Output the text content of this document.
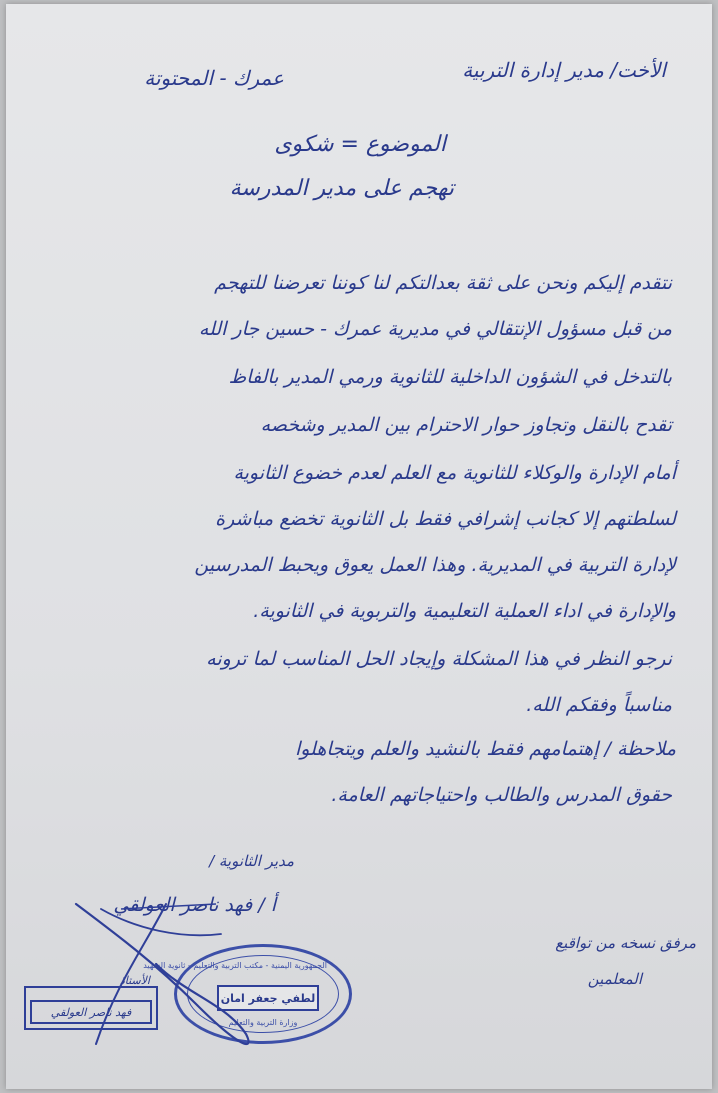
الأخت/ مدير إدارة التربية
عمرك - المحتوتة
الموضوع = شكوى
تهجم على مدير المدرسة
نتقدم إليكم ونحن على ثقة بعدالتكم لنا كوننا تعرضنا للتهجم
من قبل مسؤول الإنتقالي في مديرية عمرك - حسين جار الله
بالتدخل في الشؤون الداخلية للثانوية ورمي المدير بالفاظ
تقدح بالنقل وتجاوز حوار الاحترام بين المدير وشخصه
أمام الإدارة والوكلاء للثانوية مع العلم لعدم خضوع الثانوية
لسلطتهم إلا كجانب إشرافي فقط بل الثانوية تخضع مباشرة
لإدارة التربية في المديرية. وهذا العمل يعوق ويحبط المدرسين
والإدارة في اداء العملية التعليمية والتربوية في الثانوية.
نرجو النظر في هذا المشكلة وإيجاد الحل المناسب لما ترونه
مناسباً وفقكم الله.
ملاحظة / إهتمامهم فقط بالنشيد والعلم ويتجاهلوا
حقوق المدرس والطالب واحتياجاتهم العامة.
مدير الثانوية /
أ / فهد ناصر العولقي
مرفق نسخه من تواقيع
المعلمين
الجمهورية اليمنية - مكتب التربية والتعليم - ثانوية الشهيد
لطفي جعفر امان
وزارة التربية والتعليم
الأستاذ
فهد ناصر العولقي
